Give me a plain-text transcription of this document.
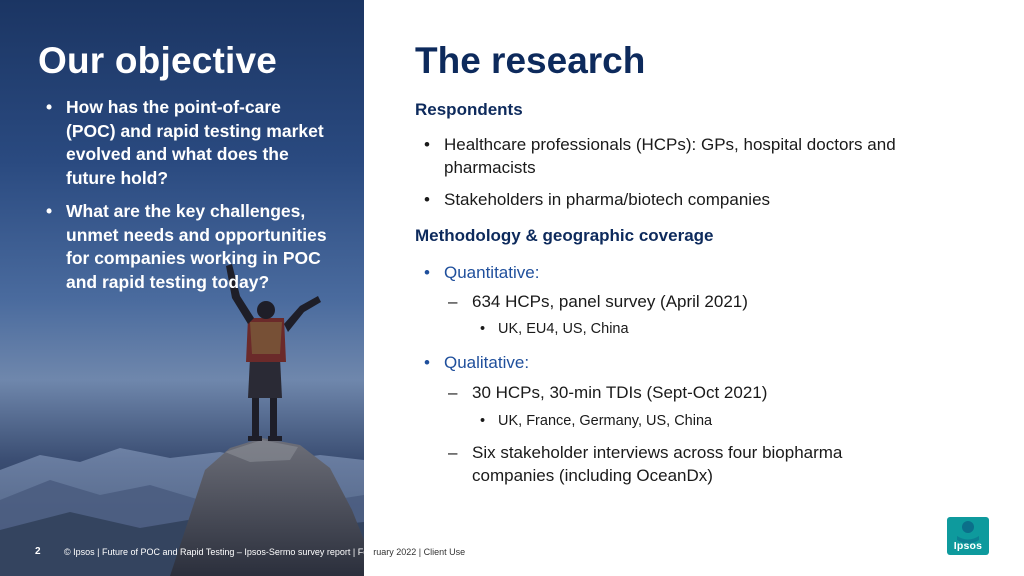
Our objective
• How has the point-of-care (POC) and rapid testing market evolved and what does the future hold?
• What are the key challenges, unmet needs and opportunities for companies working in POC and rapid testing today?
The research
Respondents
• Healthcare professionals (HCPs): GPs, hospital doctors and pharmacists
• Stakeholders in pharma/biotech companies
Methodology & geographic coverage
• Quantitative:
– 634 HCPs, panel survey (April 2021)
• UK, EU4, US, China
• Qualitative:
– 30 HCPs, 30-min TDIs (Sept-Oct 2021)
• UK, France, Germany, US, China
– Six stakeholder interviews across four biopharma companies (including OceanDx)
2	© Ipsos | Future of POC and Rapid Testing – Ipsos-Sermo survey report | February 2022 | Client Use	Ipsos
